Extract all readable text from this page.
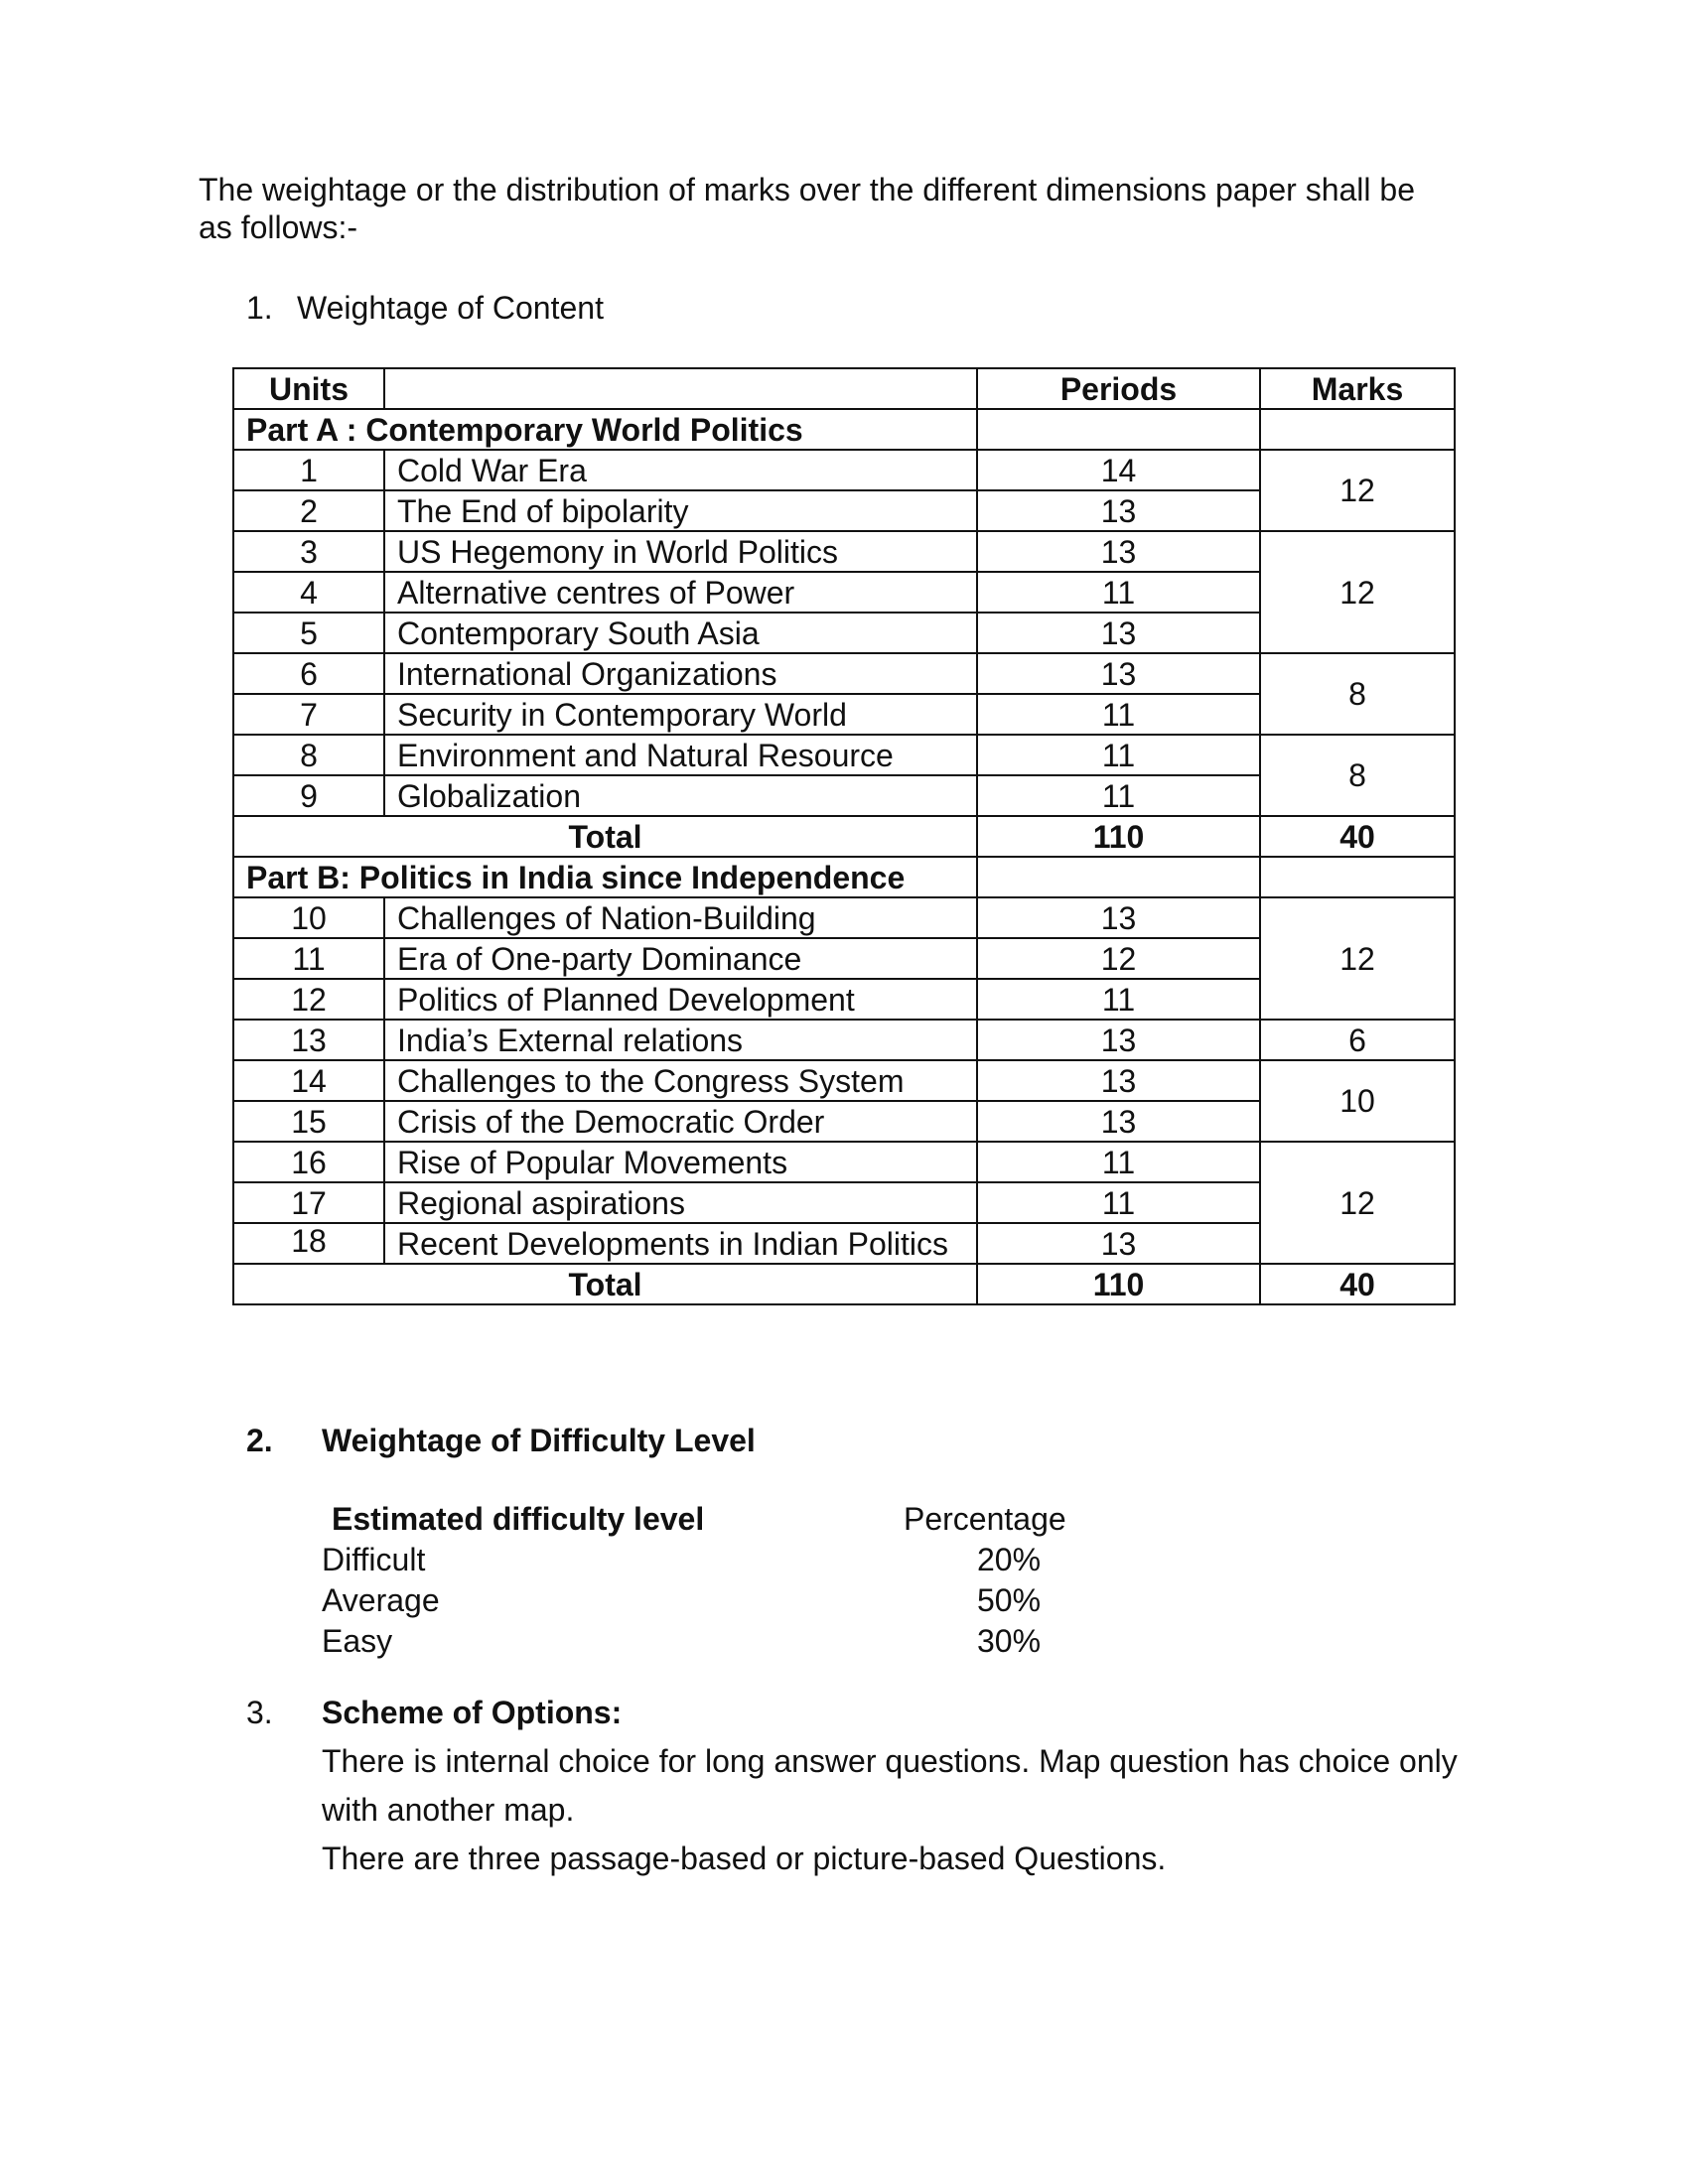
The weightage or the distribution of marks over the different dimensions paper shall be as follows:-

1. Weightage of Content

Units		Periods	Marks
Part A : Contemporary World Politics			
1	Cold War Era	14	12
2	The End of bipolarity	13	
3	US Hegemony in World Politics	13	12
4	Alternative centres of Power	11	
5	Contemporary South Asia	13	
6	International Organizations	13	8
7	Security in Contemporary World	11	
8	Environment and Natural Resource	11	8
9	Globalization	11	
Total		110	40
Part B: Politics in India since Independence			
10	Challenges of Nation-Building	13	12
11	Era of One-party Dominance	12	
12	Politics of Planned Development	11	
13	India’s External relations	13	6
14	Challenges to the Congress System	13	10
15	Crisis of the Democratic Order	13	
16	Rise of Popular Movements	11	12
17	Regional aspirations	11	
18	Recent Developments in Indian Politics	13	
Total		110	40
2. Weightage of Difficulty Level
Estimated difficulty level	Percentage
Difficult	20%
Average	50%
Easy	30%
3. Scheme of Options:

There is internal choice for long answer questions. Map question has choice only with another map.

There are three passage-based or picture-based Questions.
